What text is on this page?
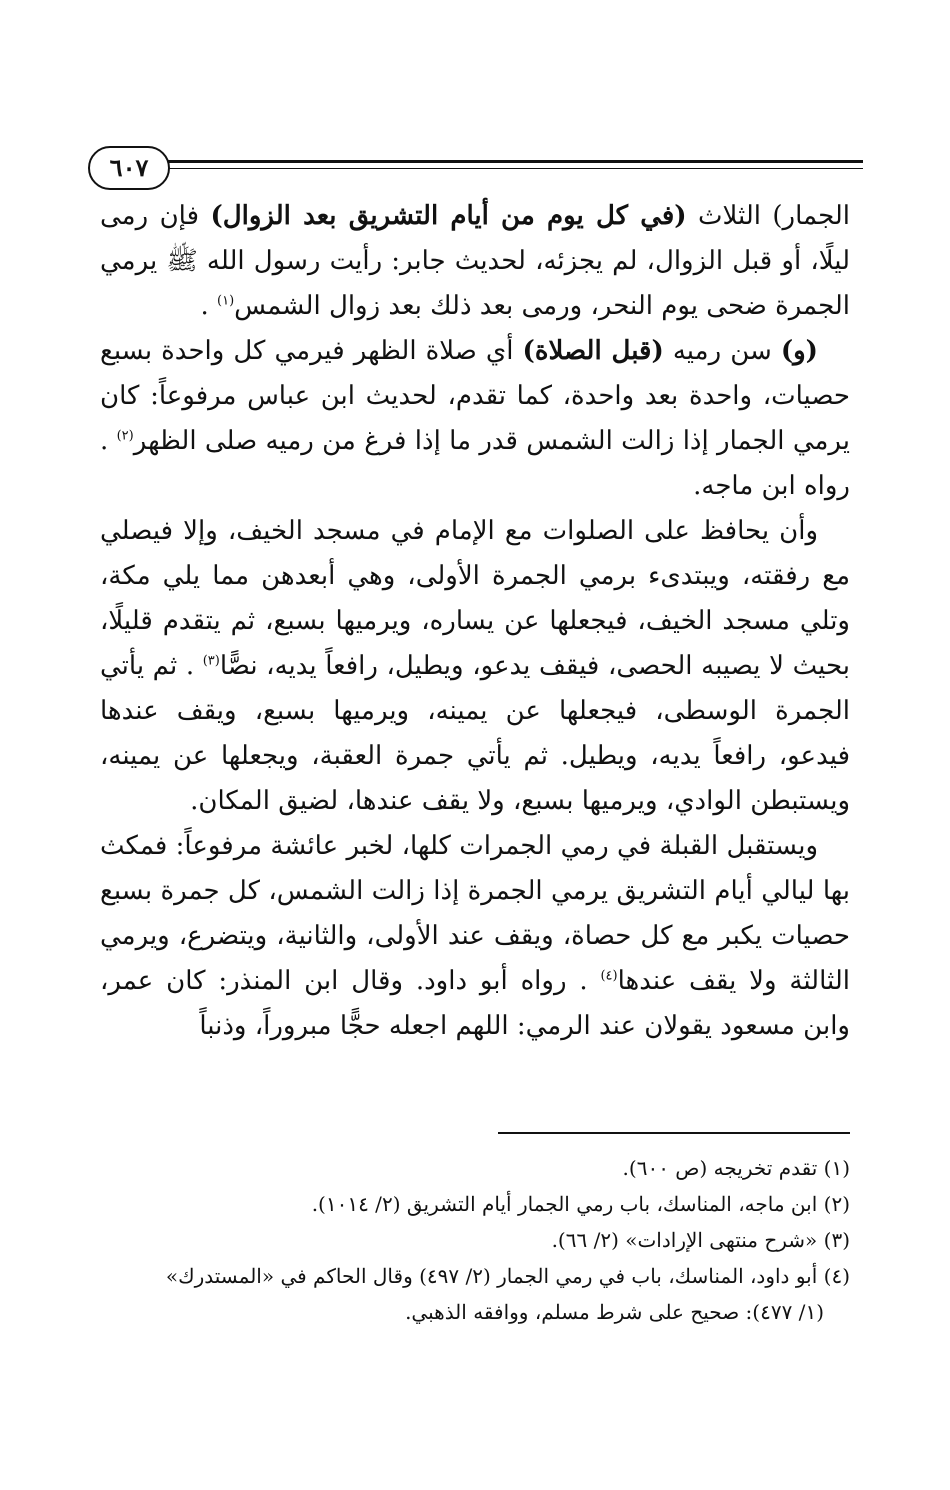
٦٠٧

الجمار) الثلاث (في كل يوم من أيام التشريق بعد الزوال) فإن رمى ليلًا، أو قبل الزوال، لم يجزئه، لحديث جابر: رأيت رسول الله ﷺ يرمي الجمرة ضحى يوم النحر، ورمى بعد ذلك بعد زوال الشمس$^{(١)}$ .

(و) سن رميه (قبل الصلاة) أي صلاة الظهر فيرمي كل واحدة بسبع حصيات، واحدة بعد واحدة، كما تقدم، لحديث ابن عباس مرفوعاً: كان يرمي الجمار إذا زالت الشمس قدر ما إذا فرغ من رميه صلى الظهر$^{(٢)}$ . رواه ابن ماجه.

وأن يحافظ على الصلوات مع الإمام في مسجد الخيف، وإلا فيصلي مع رفقته، ويبتدىء برمي الجمرة الأولى، وهي أبعدهن مما يلي مكة، وتلي مسجد الخيف، فيجعلها عن يساره، ويرميها بسبع، ثم يتقدم قليلًا، بحيث لا يصيبه الحصى، فيقف يدعو، ويطيل، رافعاً يديه، نصًّا$^{(٣)}$ . ثم يأتي الجمرة الوسطى، فيجعلها عن يمينه، ويرميها بسبع، ويقف عندها فيدعو، رافعاً يديه، ويطيل. ثم يأتي جمرة العقبة، ويجعلها عن يمينه، ويستبطن الوادي، ويرميها بسبع، ولا يقف عندها، لضيق المكان.

ويستقبل القبلة في رمي الجمرات كلها، لخبر عائشة مرفوعاً: فمكث بها ليالي أيام التشريق يرمي الجمرة إذا زالت الشمس، كل جمرة بسبع حصيات يكبر مع كل حصاة، ويقف عند الأولى، والثانية، ويتضرع، ويرمي الثالثة ولا يقف عندها$^{(٤)}$ . رواه أبو داود. وقال ابن المنذر: كان عمر، وابن مسعود يقولان عند الرمي: اللهم اجعله حجًّا مبروراً، وذنباً

(١) تقدم تخريجه (ص ٦٠٠).

(٢) ابن ماجه، المناسك، باب رمي الجمار أيام التشريق (٢/ ١٠١٤).

(٣) «شرح منتهى الإرادات» (٢/ ٦٦).

(٤) أبو داود، المناسك، باب في رمي الجمار (٢/ ٤٩٧) وقال الحاكم في «المستدرك»

(١/ ٤٧٧): صحيح على شرط مسلم، ووافقه الذهبي.
